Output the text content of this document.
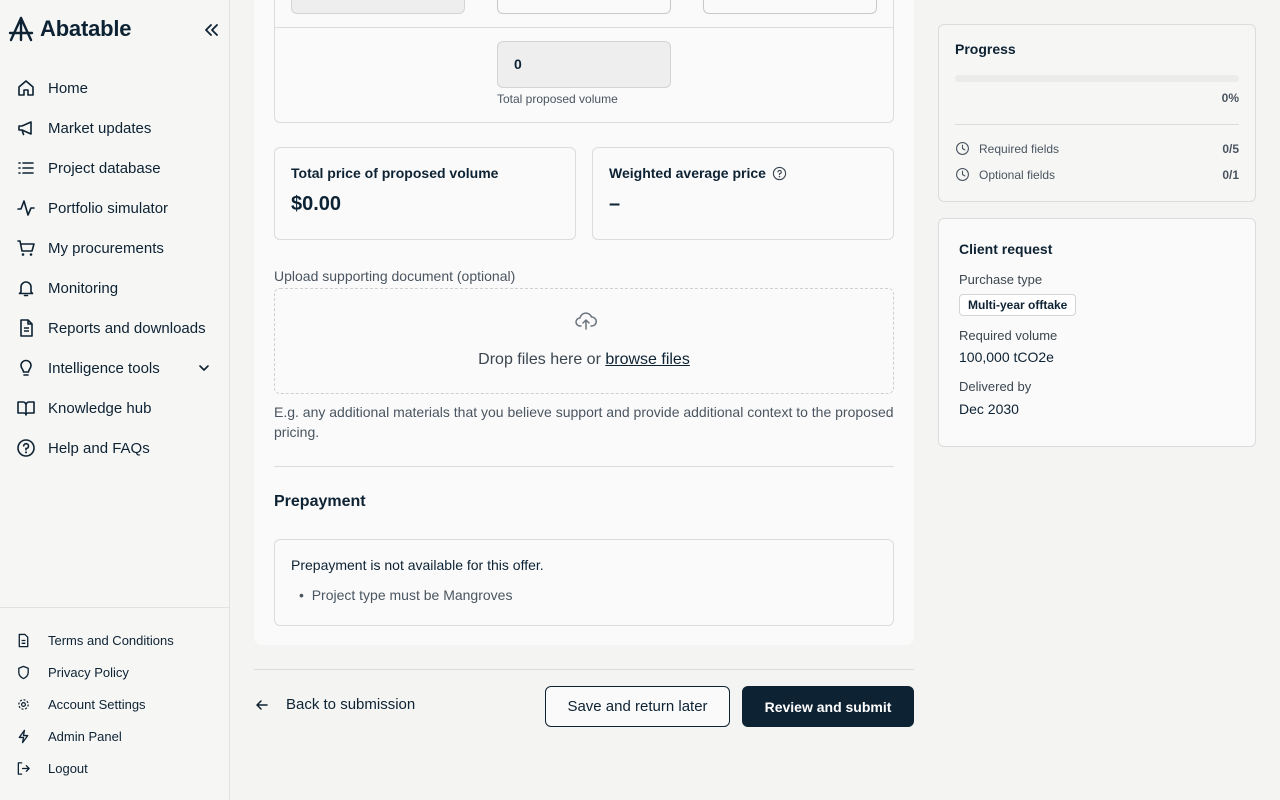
Abatable
Home
Market updates
Project database
Portfolio simulator
My procurements
Monitoring
Reports and downloads
Intelligence tools
Knowledge hub
Help and FAQs
Terms and Conditions
Privacy Policy
Account Settings
Admin Panel
Logout
0
Total proposed volume
Total price of proposed volume
$0.00
Weighted average price
–
Upload supporting document (optional)
Drop files here or browse files
E.g. any additional materials that you believe support and provide additional context to the proposed pricing.
Prepayment
Prepayment is not available for this offer.
•  Project type must be Mangroves
Back to submission	Save and return later	Review and submit
Progress
0%
Required fields	0/5
Optional fields	0/1
Client request
Purchase type
Multi-year offtake
Required volume
100,000 tCO2e
Delivered by
Dec 2030
